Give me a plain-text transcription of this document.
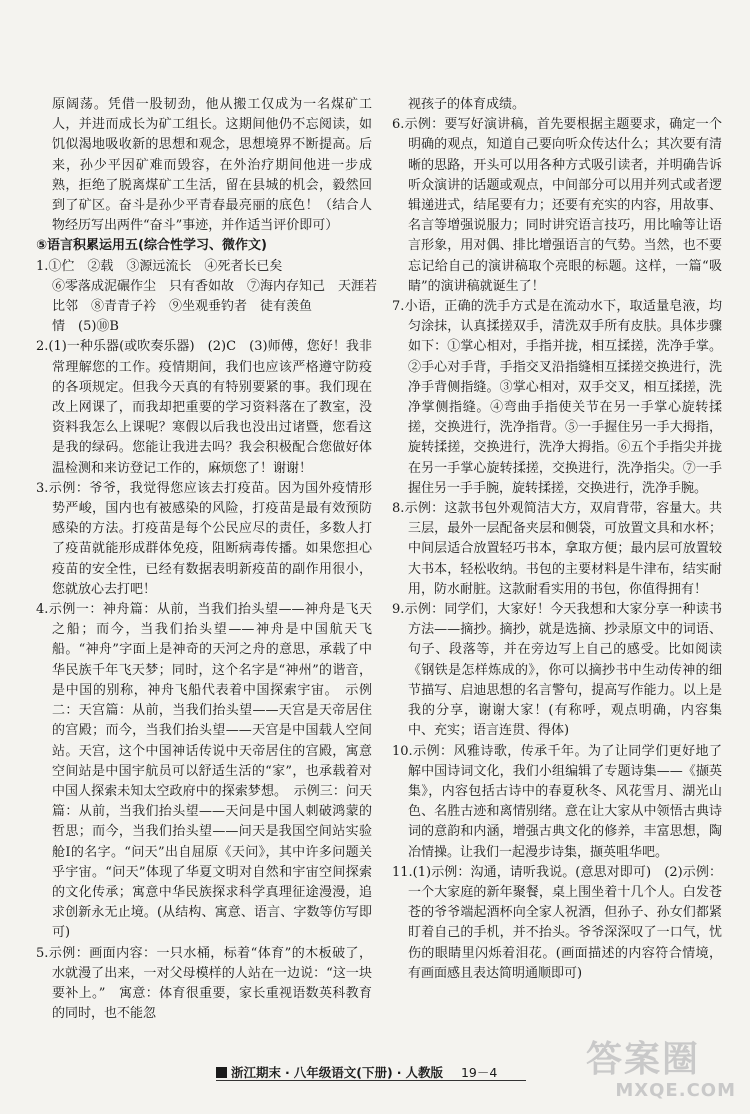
原阔荡。凭借一股韧劲，他从搬工仅成为一名煤矿工人，并进而成长为矿工组长。这期间他仍不忘阅读，如饥似渴地吸收新的思想和观念，思想境界不断提高。后来，孙少平因矿难而毁容，在外治疗期间他进一步成熟，拒绝了脱离煤矿工生活，留在县城的机会，毅然回到了矿区。奋斗是孙少平青春最亮丽的底色！（结合人物经历写出两件“奋斗”事迹，并作适当评价即可）

⑤语言积累运用五(综合性学习、微作文)

1.①伫　②载　③源远流长　④死者长已矣

⑥零落成泥碾作尘　只有香如故　⑦海内存知己　天涯若

比邻　⑧青青子衿　⑨坐观垂钓者　徒有羡鱼

情　(5)⑩B

2.(1)一种乐器(或吹奏乐器)　(2)C　(3)师傅，您好！我非常理解您的工作。疫情期间，我们也应该严格遵守防疫的各项规定。但我今天真的有特别要紧的事。我们现在改上网课了，而我却把重要的学习资料落在了教室，没资料我怎么上课呢？寒假以后我也没出过诸暨，您看这是我的绿码。您能让我进去吗？我会积极配合您做好体温检测和来访登记工作的，麻烦您了！谢谢！

3.示例：爷爷，我觉得您应该去打疫苗。因为国外疫情形势严峻，国内也有被感染的风险，打疫苗是最有效预防感染的方法。打疫苗是每个公民应尽的责任，多数人打了疫苗就能形成群体免疫，阻断病毒传播。如果您担心疫苗的安全性，已经有数据表明新疫苗的副作用很小，您就放心去打吧！

4.示例一：神舟篇：从前，当我们抬头望——神舟是飞天之船；而今，当我们抬头望——神舟是中国航天飞船。“神舟”字面上是神奇的天河之舟的意思，承载了中华民族千年飞天梦；同时，这个名字是“神州”的谐音，是中国的别称，神舟飞船代表着中国探索宇宙。　示例二：天宫篇：从前，当我们抬头望——天宫是天帝居住的宫殿；而今，当我们抬头望——天宫是中国载人空间站。天宫，这个中国神话传说中天帝居住的宫殿，寓意空间站是中国宇航员可以舒适生活的“家”，也承载着对中国人探索未知太空政府中的探索梦想。　示例三：问天篇：从前，当我们抬头望——天问是中国人刺破鸿蒙的哲思；而今，当我们抬头望——问天是我国空间站实验舱Ⅰ的名字。“问天”出自屈原《天问》，其中许多问题关乎宇宙。“问天”体现了华夏文明对自然和宇宙空间探索的文化传承；寓意中华民族探求科学真理征途漫漫，追求创新永无止境。(从结构、寓意、语言、字数等仿写即可)

5.示例：画面内容：一只水桶，标着“体育”的木板破了，水就漫了出来，一对父母模样的人站在一边说：“这一块要补上。”　寓意：体育很重要，家长重视语数英科教育的同时，也不能忽

视孩子的体育成绩。

6.示例：要写好演讲稿，首先要根据主题要求，确定一个明确的观点，知道自己要向听众传达什么；其次要有清晰的思路，开头可以用各种方式吸引读者，并明确告诉听众演讲的话题或观点，中间部分可以用并列式或者逻辑递进式，结尾要有力；还要有充实的内容，用故事、名言等增强说服力；同时讲究语言技巧，用比喻等让语言形象，用对偶、排比增强语言的气势。当然，也不要忘记给自己的演讲稿取个亮眼的标题。这样，一篇“吸睛”的演讲稿就诞生了！

7.小语，正确的洗手方式是在流动水下，取适量皂液，均匀涂抹，认真揉搓双手，清洗双手所有皮肤。具体步骤如下：①掌心相对，手指并拢，相互揉搓，洗净手掌。②手心对手背，手指交叉沿指缝相互揉搓交换进行，洗净手背侧指缝。③掌心相对，双手交叉，相互揉搓，洗净掌侧指缝。④弯曲手指使关节在另一手掌心旋转揉搓，交换进行，洗净指背。⑤一手握住另一手大拇指，旋转揉搓，交换进行，洗净大拇指。⑥五个手指尖并拢在另一手掌心旋转揉搓，交换进行，洗净指尖。⑦一手握住另一手手腕，旋转揉搓，交换进行，洗净手腕。

8.示例：这款书包外观简洁大方，双肩背带，容量大。共三层，最外一层配备夹层和侧袋，可放置文具和水杯；中间层适合放置轻巧书本，拿取方便；最内层可放置较大书本，轻松收纳。书包的主要材料是牛津布，结实耐用，防水耐脏。这款耐看实用的书包，你值得拥有！

9.示例：同学们，大家好！今天我想和大家分享一种读书方法——摘抄。摘抄，就是选摘、抄录原文中的词语、句子、段落等，并在旁边写上自己的感受。比如阅读《钢铁是怎样炼成的》，你可以摘抄书中生动传神的细节描写、启迪思想的名言警句，提高写作能力。以上是我的分享，谢谢大家！(有称呼，观点明确，内容集中、充实；语言连贯、得体)

10.示例：风雅诗歌，传承千年。为了让同学们更好地了解中国诗词文化，我们小组编辑了专题诗集——《撷英集》，内容包括古诗中的春夏秋冬、风花雪月、湖光山色、名胜古迹和离情别绪。意在让大家从中领悟古典诗词的意韵和内涵，增强古典文化的修养，丰富思想，陶冶情操。让我们一起漫步诗集，撷英咀华吧。

11.(1)示例：沟通，请听我说。(意思对即可)　(2)示例：一个大家庭的新年聚餐，桌上围坐着十几个人。白发苍苍的爷爷端起酒杯向全家人祝酒，但孙子、孙女们都紧盯着自己的手机，并不抬头。爷爷深深叹了一口气，忧伤的眼睛里闪烁着泪花。(画面描述的内容符合情境，有画面感且表达简明通顺即可)

浙江期末 · 八年级语文(下册) · 人教版 19－4 答案圈
MXQE.COM
